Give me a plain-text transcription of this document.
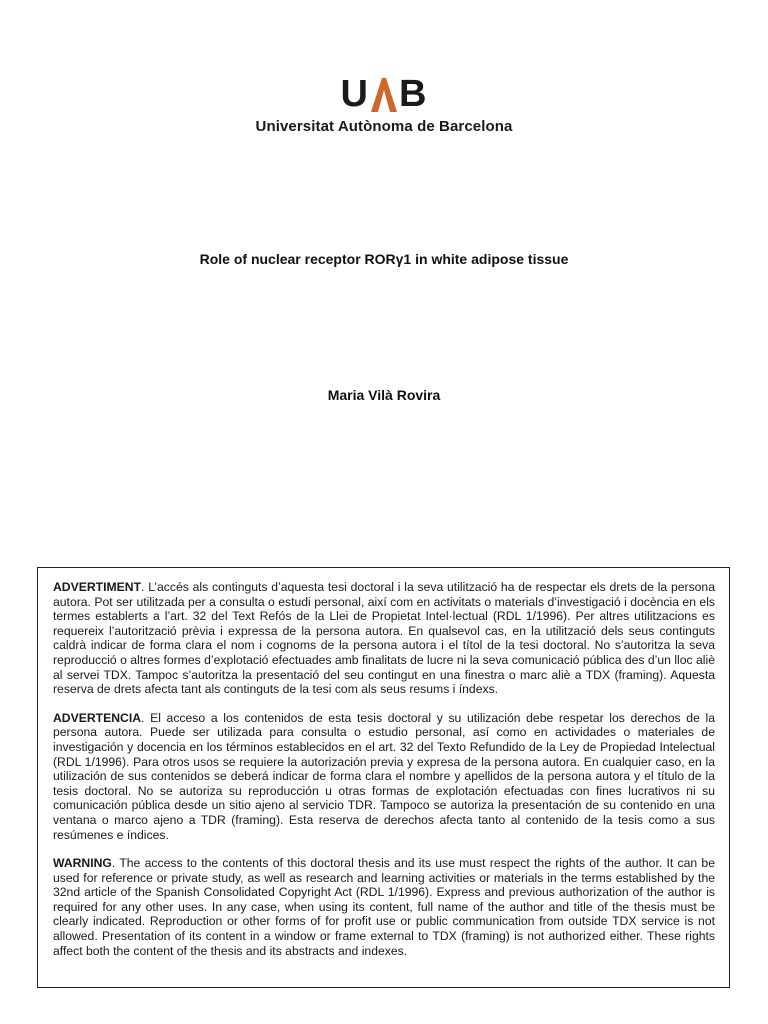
U B
Universitat Autònoma de Barcelona
Role of nuclear receptor RORγ1 in white adipose tissue
Maria Vilà Rovira

ADVERTIMENT. L’accés als continguts d’aquesta tesi doctoral i la seva utilització ha de respectar els drets de la persona autora. Pot ser utilitzada per a consulta o estudi personal, així com en activitats o materials d’investigació i docència en els termes establerts a l’art. 32 del Text Refós de la Llei de Propietat Intel·lectual (RDL 1/1996). Per altres utilitzacions es requereix l’autorització prèvia i expressa de la persona autora. En qualsevol cas, en la utilització dels seus continguts caldrà indicar de forma clara el nom i cognoms de la persona autora i el títol de la tesi doctoral. No s’autoritza la seva reproducció o altres formes d’explotació efectuades amb finalitats de lucre ni la seva comunicació pública des d’un lloc aliè al servei TDX. Tampoc s’autoritza la presentació del seu contingut en una finestra o marc aliè a TDX (framing). Aquesta reserva de drets afecta tant als continguts de la tesi com als seus resums i índexs.

ADVERTENCIA. El acceso a los contenidos de esta tesis doctoral y su utilización debe respetar los derechos de la persona autora. Puede ser utilizada para consulta o estudio personal, así como en actividades o materiales de investigación y docencia en los términos establecidos en el art. 32 del Texto Refundido de la Ley de Propiedad Intelectual (RDL 1/1996). Para otros usos se requiere la autorización previa y expresa de la persona autora. En cualquier caso, en la utilización de sus contenidos se deberá indicar de forma clara el nombre y apellidos de la persona autora y el título de la tesis doctoral. No se autoriza su reproducción u otras formas de explotación efectuadas con fines lucrativos ni su comunicación pública desde un sitio ajeno al servicio TDR. Tampoco se autoriza la presentación de su contenido en una ventana o marco ajeno a TDR (framing). Esta reserva de derechos afecta tanto al contenido de la tesis como a sus resúmenes e índices.

WARNING. The access to the contents of this doctoral thesis and its use must respect the rights of the author. It can be used for reference or private study, as well as research and learning activities or materials in the terms established by the 32nd article of the Spanish Consolidated Copyright Act (RDL 1/1996). Express and previous authorization of the author is required for any other uses. In any case, when using its content, full name of the author and title of the thesis must be clearly indicated. Reproduction or other forms of for profit use or public communication from outside TDX service is not allowed. Presentation of its content in a window or frame external to TDX (framing) is not authorized either. These rights affect both the content of the thesis and its abstracts and indexes.
